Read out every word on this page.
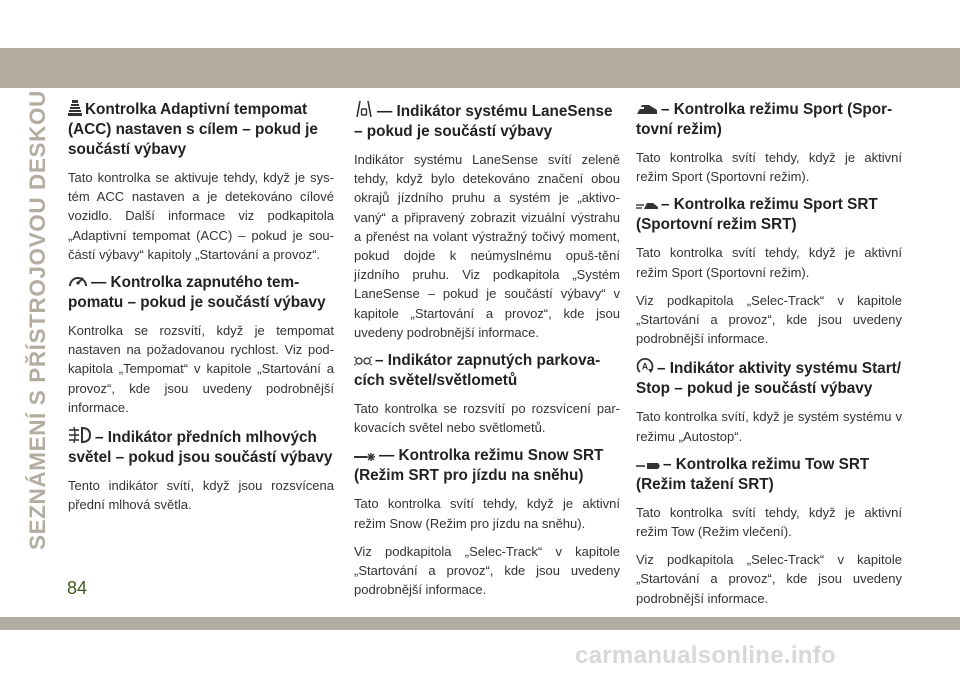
SEZNÁMENÍ S PŘÍSTROJOVOU DESKOU
84
Kontrolka Adaptivní tempomat (ACC) nastaven s cílem – pokud je součástí výbavy

Tato kontrolka se aktivuje tehdy, když je sys-tém ACC nastaven a je detekováno cílové vozidlo. Další informace viz podkapitola „Adaptivní tempomat (ACC) – pokud je sou-částí výbavy“ kapitoly „Startování a provoz“.

— Kontrolka zapnutého tem-pomatu – pokud je součástí výbavy

Kontrolka se rozsvítí, když je tempomat nastaven na požadovanou rychlost. Viz pod-kapitola „Tempomat“ v kapitole „Startování a provoz“, kde jsou uvedeny podrobnější informace.

– Indikátor předních mlhových světel – pokud jsou součástí výbavy

Tento indikátor svítí, když jsou rozsvícena přední mlhová světla.

— Indikátor systému LaneSense – pokud je součástí výbavy

Indikátor systému LaneSense svítí zeleně tehdy, když bylo detekováno značení obou okrajů jízdního pruhu a systém je „aktivo-vaný“ a připravený zobrazit vizuální výstrahu a přenést na volant výstražný točivý moment, pokud dojde k neúmyslnému opuš-tění jízdního pruhu. Viz podkapitola „Systém LaneSense – pokud je součástí výbavy“ v kapitole „Startování a provoz“, kde jsou uvedeny podrobnější informace.

– Indikátor zapnutých parkova-cích světel/světlometů

Tato kontrolka se rozsvítí po rozsvícení par-kovacích světel nebo světlometů.

— Kontrolka režimu Snow SRT (Režim SRT pro jízdu na sněhu)

Tato kontrolka svítí tehdy, když je aktivní režim Snow (Režim pro jízdu na sněhu).

Viz podkapitola „Selec-Track“ v kapitole „Startování a provoz“, kde jsou uvedeny podrobnější informace.

– Kontrolka režimu Sport (Spor-tovní režim)

Tato kontrolka svítí tehdy, když je aktivní režim Sport (Sportovní režim).

– Kontrolka režimu Sport SRT (Sportovní režim SRT)

Tato kontrolka svítí tehdy, když je aktivní režim Sport (Sportovní režim).

Viz podkapitola „Selec-Track“ v kapitole „Startování a provoz“, kde jsou uvedeny podrobnější informace.

A – Indikátor aktivity systému Start/ Stop – pokud je součástí výbavy

Tato kontrolka svítí, když je systém systému v režimu „Autostop“.

– Kontrolka režimu Tow SRT (Režim tažení SRT)

Tato kontrolka svítí tehdy, když je aktivní režim Tow (Režim vlečení).

Viz podkapitola „Selec-Track“ v kapitole „Startování a provoz“, kde jsou uvedeny podrobnější informace.

carmanualsonline.info
